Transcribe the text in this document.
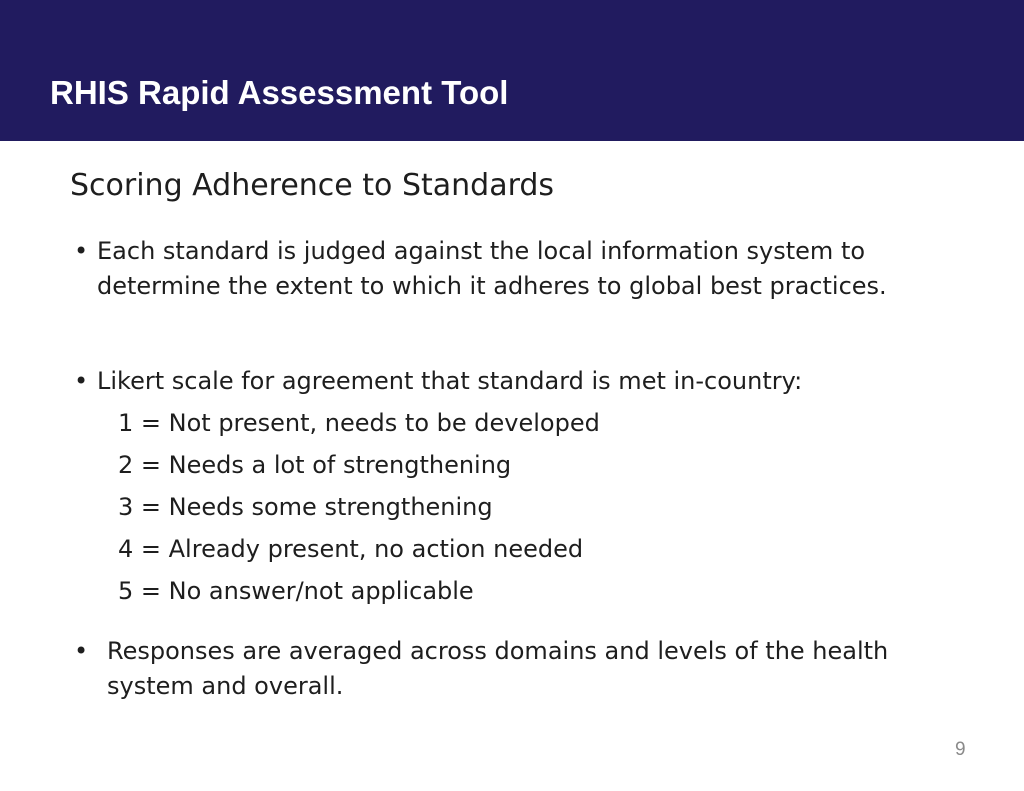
RHIS Rapid Assessment Tool
Scoring Adherence to Standards
• Each standard is judged against the local information system to determine the extent to which it adheres to global best practices.
• Likert scale for agreement that standard is met in-country:
1 = Not present, needs to be developed
2 = Needs a lot of strengthening
3 = Needs some strengthening
4 = Already present, no action needed
5 = No answer/not applicable
• Responses are averaged across domains and levels of the health system and overall.
9
